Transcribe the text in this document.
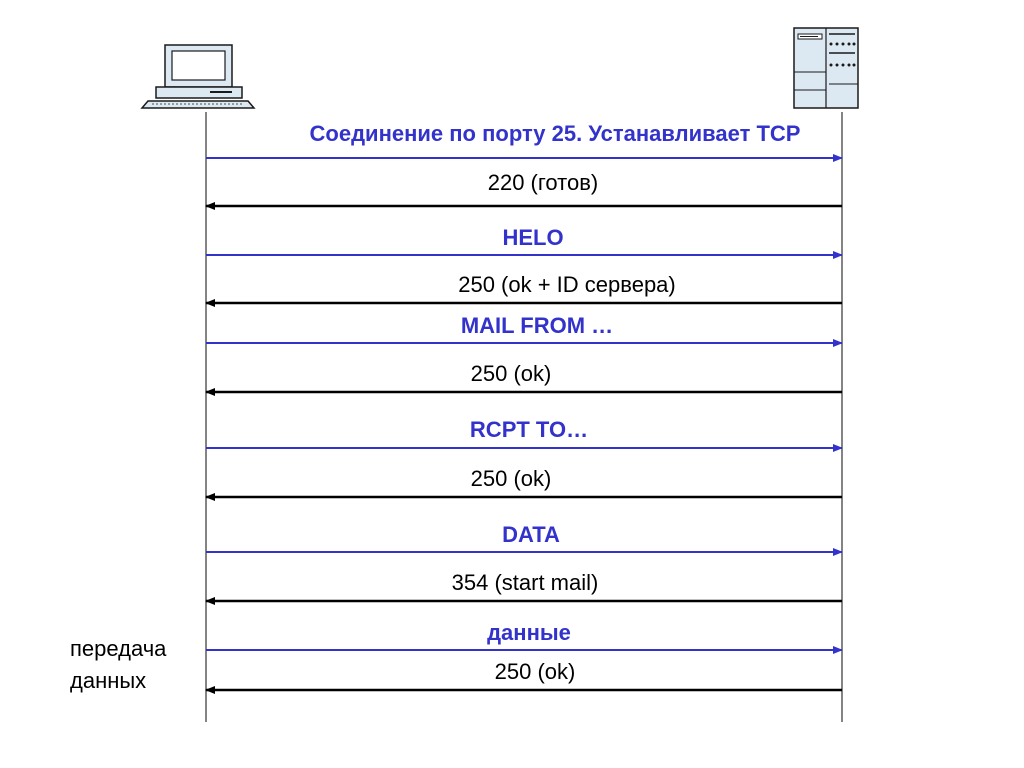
Соединение по порту 25. Устанавливает TCP
220 (готов)
HELO
250 (ok + ID сервера)
MAIL FROM …
250 (ok)
RCPT TO…
250 (ok)
DATA
354 (start mail)
данные
250 (ok)

передача
данных
